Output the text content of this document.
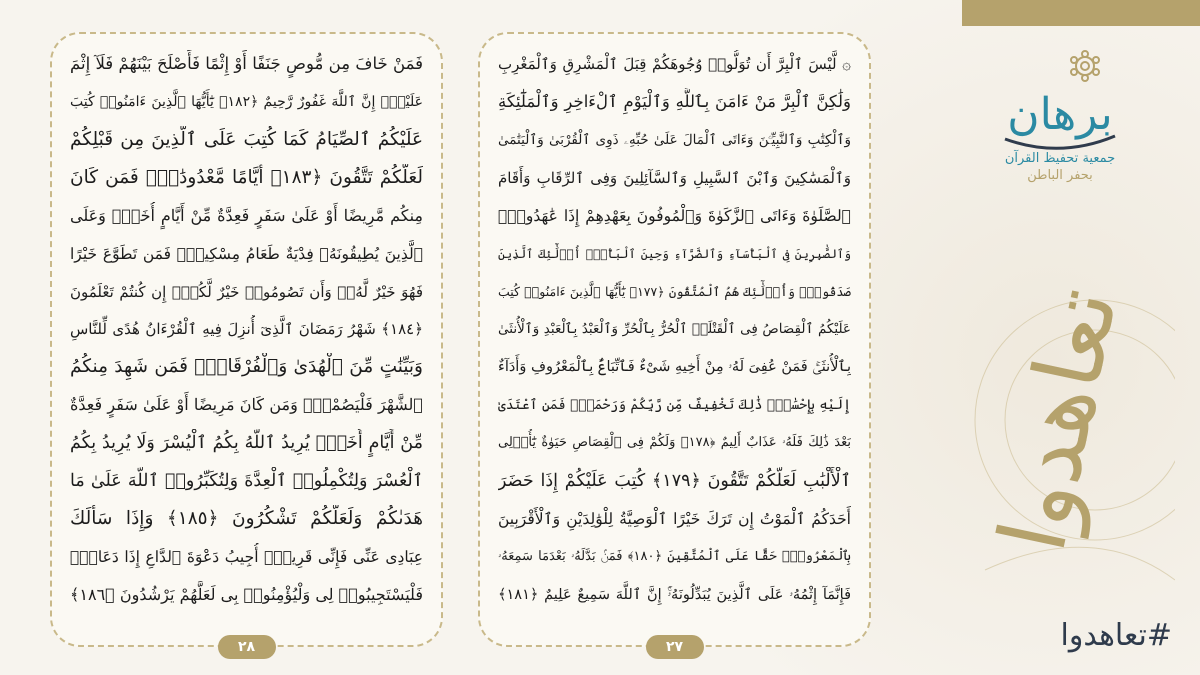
فَمَنْ خَافَ مِن مُّوصٍ جَنَفًا أَوْ إِثْمًا فَأَصْلَحَ بَيْنَهُمْ فَلَآ إِثْمَ
عَلَيْهِۚ إِنَّ ٱللَّهَ غَفُورٌ رَّحِيمٌ ﴿١٨٢﴾ يَٰٓأَيُّهَا ٱلَّذِينَ ءَامَنُوا۟ كُتِبَ
عَلَيْكُمُ ٱلصِّيَامُ كَمَا كُتِبَ عَلَى ٱلَّذِينَ مِن قَبْلِكُمْ
لَعَلَّكُمْ تَتَّقُونَ ﴿١٨٣﴾ أَيَّامًا مَّعْدُودَٰتٍۚ فَمَن كَانَ
مِنكُم مَّرِيضًا أَوْ عَلَىٰ سَفَرٍ فَعِدَّةٌ مِّنْ أَيَّامٍ أُخَرَۚ وَعَلَى
ٱلَّذِينَ يُطِيقُونَهُۥ فِدْيَةٌ طَعَامُ مِسْكِينٍۖ فَمَن تَطَوَّعَ خَيْرًا
فَهُوَ خَيْرٌ لَّهُۥۚ وَأَن تَصُومُوا۟ خَيْرٌ لَّكُمْۖ إِن كُنتُمْ تَعْلَمُونَ
﴿١٨٤﴾ شَهْرُ رَمَضَانَ ٱلَّذِىٓ أُنزِلَ فِيهِ ٱلْقُرْءَانُ هُدًى لِّلنَّاسِ
وَبَيِّنَٰتٍ مِّنَ ٱلْهُدَىٰ وَٱلْفُرْقَانِۚ فَمَن شَهِدَ مِنكُمُ
ٱلشَّهْرَ فَلْيَصُمْهُۖ وَمَن كَانَ مَرِيضًا أَوْ عَلَىٰ سَفَرٍ فَعِدَّةٌ
مِّنْ أَيَّامٍ أُخَرَۗ يُرِيدُ ٱللَّهُ بِكُمُ ٱلْيُسْرَ وَلَا يُرِيدُ بِكُمُ
ٱلْعُسْرَ وَلِتُكْمِلُوا۟ ٱلْعِدَّةَ وَلِتُكَبِّرُوا۟ ٱللَّهَ عَلَىٰ مَا
هَدَىٰكُمْ وَلَعَلَّكُمْ تَشْكُرُونَ ﴿١٨٥﴾ وَإِذَا سَأَلَكَ
عِبَادِى عَنِّى فَإِنِّى قَرِيبٌۖ أُجِيبُ دَعْوَةَ ٱلدَّاعِ إِذَا دَعَانِۖ
فَلْيَسْتَجِيبُوا۟ لِى وَلْيُؤْمِنُوا۟ بِى لَعَلَّهُمْ يَرْشُدُونَ ﴿١٨٦﴾
٢٨
۞ لَّيْسَ ٱلْبِرَّ أَن تُوَلُّوا۟ وُجُوهَكُمْ قِبَلَ ٱلْمَشْرِقِ وَٱلْمَغْرِبِ
وَلَٰكِنَّ ٱلْبِرَّ مَنْ ءَامَنَ بِٱللَّهِ وَٱلْيَوْمِ ٱلْءَاخِرِ وَٱلْمَلَٰٓئِكَةِ
وَٱلْكِتَٰبِ وَٱلنَّبِيِّـۧنَ وَءَاتَى ٱلْمَالَ عَلَىٰ حُبِّهِۦ ذَوِى ٱلْقُرْبَىٰ وَٱلْيَتَٰمَىٰ
وَٱلْمَسَٰكِينَ وَٱبْنَ ٱلسَّبِيلِ وَٱلسَّآئِلِينَ وَفِى ٱلرِّقَابِ وَأَقَامَ
ٱلصَّلَوٰةَ وَءَاتَى ٱلزَّكَوٰةَ وَٱلْمُوفُونَ بِعَهْدِهِمْ إِذَا عَٰهَدُوا۟ۖ
وَٱلصَّٰبِرِينَ فِى ٱلْبَأْسَآءِ وَٱلضَّرَّآءِ وَحِينَ ٱلْبَأْسِۗ أُو۟لَٰٓئِكَ ٱلَّذِينَ
صَدَقُوا۟ۖ وَأُو۟لَٰٓئِكَ هُمُ ٱلْمُتَّقُونَ ﴿١٧٧﴾ يَٰٓأَيُّهَا ٱلَّذِينَ ءَامَنُوا۟ كُتِبَ
عَلَيْكُمُ ٱلْقِصَاصُ فِى ٱلْقَتْلَىۖ ٱلْحُرُّ بِٱلْحُرِّ وَٱلْعَبْدُ بِٱلْعَبْدِ وَٱلْأُنثَىٰ
بِٱلْأُنثَىٰۚ فَمَنْ عُفِىَ لَهُۥ مِنْ أَخِيهِ شَىْءٌ فَٱتِّبَاعٌۢ بِٱلْمَعْرُوفِ وَأَدَآءٌ
إِلَيْهِ بِإِحْسَٰنٍۗ ذَٰلِكَ تَخْفِيفٌ مِّن رَّبِّكُمْ وَرَحْمَةٌۗ فَمَنِ ٱعْتَدَىٰ
بَعْدَ ذَٰلِكَ فَلَهُۥ عَذَابٌ أَلِيمٌ ﴿١٧٨﴾ وَلَكُمْ فِى ٱلْقِصَاصِ حَيَوٰةٌ يَٰٓأُو۟لِى
ٱلْأَلْبَٰبِ لَعَلَّكُمْ تَتَّقُونَ ﴿١٧٩﴾ كُتِبَ عَلَيْكُمْ إِذَا حَضَرَ
أَحَدَكُمُ ٱلْمَوْتُ إِن تَرَكَ خَيْرًا ٱلْوَصِيَّةُ لِلْوَٰلِدَيْنِ وَٱلْأَقْرَبِينَ
بِٱلْمَعْرُوفِۖ حَقًّا عَلَى ٱلْمُتَّقِينَ ﴿١٨٠﴾ فَمَنۢ بَدَّلَهُۥ بَعْدَمَا سَمِعَهُۥ
فَإِنَّمَآ إِثْمُهُۥ عَلَى ٱلَّذِينَ يُبَدِّلُونَهُۥٓۚ إِنَّ ٱللَّهَ سَمِيعٌ عَلِيمٌ ﴿١٨١﴾
٢٧
برهان
جمعية تحفيظ القرآن
بحفر الباطن
تعاهدوا
#تعاهدوا
